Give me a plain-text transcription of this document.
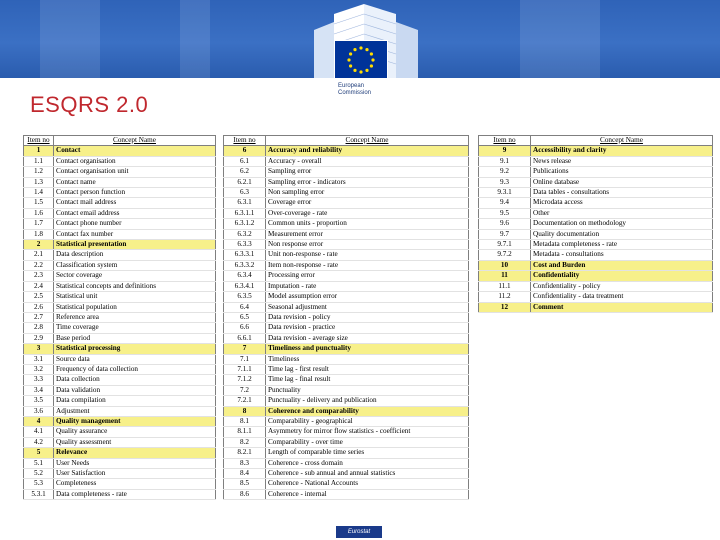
European
Commission
ESQRS 2.0
Item no	Concept Name
1	Contact
1.1	Contact organisation
1.2	Contact organisation unit
1.3	Contact name
1.4	Contact person function
1.5	Contact mail address
1.6	Contact email address
1.7	Contact phone number
1.8	Contact fax number
2	Statistical presentation
2.1	Data description
2.2	Classification system
2.3	Sector coverage
2.4	Statistical concepts and definitions
2.5	Statistical unit
2.6	Statistical population
2.7	Reference area
2.8	Time coverage
2.9	Base period
3	Statistical processing
3.1	Source data
3.2	Frequency of data collection
3.3	Data collection
3.4	Data validation
3.5	Data compilation
3.6	Adjustment
4	Quality management
4.1	Quality assurance
4.2	Quality assessment
5	Relevance
5.1	User Needs
5.2	User Satisfaction
5.3	Completeness
5.3.1	Data completeness - rate
Item no	Concept Name
6	Accuracy and reliability
6.1	Accuracy - overall
6.2	Sampling error
6.2.1	Sampling error - indicators
6.3	Non sampling error
6.3.1	Coverage error
6.3.1.1	Over-coverage - rate
6.3.1.2	Common units - proportion
6.3.2	Measurement error
6.3.3	Non response error
6.3.3.1	Unit non-response - rate
6.3.3.2	Item non-response - rate
6.3.4	Processing error
6.3.4.1	Imputation - rate
6.3.5	Model assumption error
6.4	Seasonal adjustment
6.5	Data revision - policy
6.6	Data revision - practice
6.6.1	Data revision - average size
7	Timeliness and punctuality
7.1	Timeliness
7.1.1	Time lag - first result
7.1.2	Time lag - final result
7.2	Punctuality
7.2.1	Punctuality - delivery and publication
8	Coherence and comparability
8.1	Comparability - geographical
8.1.1	Asymmetry for mirror flow statistics - coefficient
8.2	Comparability - over time
8.2.1	Length of comparable time series
8.3	Coherence - cross domain
8.4	Coherence - sub annual and annual statistics
8.5	Coherence - National Accounts
8.6	Coherence - internal
Item no	Concept Name
9	Accessibility and clarity
9.1	News release
9.2	Publications
9.3	Online database
9.3.1	Data tables - consultations
9.4	Microdata access
9.5	Other
9.6	Documentation on methodology
9.7	Quality documentation
9.7.1	Metadata completeness - rate
9.7.2	Metadata - consultations
10	Cost and Burden
11	Confidentiality
11.1	Confidentiality - policy
11.2	Confidentiality - data treatment
12	Comment
Eurostat
